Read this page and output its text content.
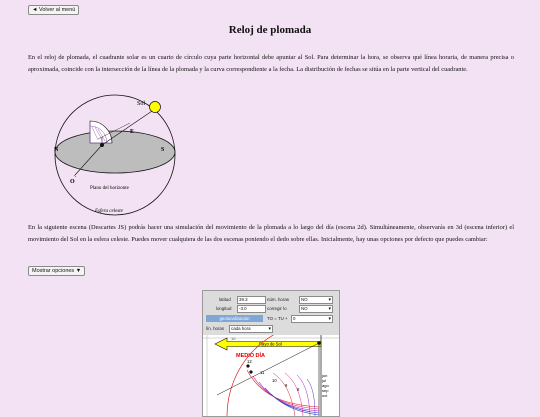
◄ Volver al menú
Reloj de plomada

En el reloj de plomada, el cuadrante solar es un cuarto de círculo cuya parte horizontal debe apuntar al Sol. Para determinar la hora, se observa qué línea horaria, de manera precisa o aproximada, coincide con la intersección de la línea de la plomada y la curva correspondiente a la fecha. La distribución de fechas se sitúa en la parte vertical del cuadrante.

Sol
N	S
E
O
Plano del horizonte
Esfera celeste

En la siguiente escena (Descartes JS) podrás hacer una simulación del movimiento de la plomada a lo largo del día (escena 2d). Simultáneamente, observarás en 3d (escena inferior) el movimiento del Sol en la esfera celeste. Puedes mover cualquiera de las dos escenas poniendo el dedo sobre ellas. Inicialmente, hay unas opciones por defecto que puedes cambiar:

Mostrar opciones ▼
latitud	39.3	núm. horas	NO ▾
longitud	-3.0	corregir lo	NO ▾
geolocalización	TO = TU +	0 ▾
lín. horas	cada hora ▾
10
Rayo de Sol
MEDIO DÍA
12
11
10
9
8
jun
jul
ago
sep
oct
